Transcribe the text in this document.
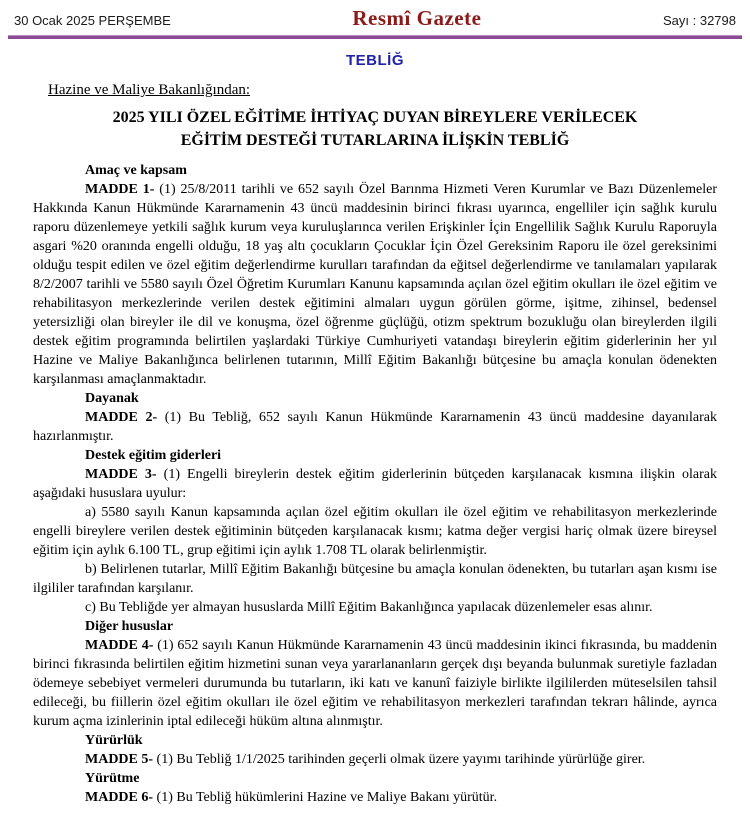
30 Ocak 2025 PERŞEMBE	Resmî Gazete	Sayı : 32798
TEBLİĞ
Hazine ve Maliye Bakanlığından:
2025 YILI ÖZEL EĞİTİME İHTİYAÇ DUYAN BİREYLERE VERİLECEK
EĞİTİM DESTEĞİ TUTARLARINA İLİŞKİN TEBLİĞ
Amaç ve kapsam

MADDE 1- (1) 25/8/2011 tarihli ve 652 sayılı Özel Barınma Hizmeti Veren Kurumlar ve Bazı Düzenlemeler Hakkında Kanun Hükmünde Kararnamenin 43 üncü maddesinin birinci fıkrası uyarınca, engelliler için sağlık kurulu raporu düzenlemeye yetkili sağlık kurum veya kuruluşlarınca verilen Erişkinler İçin Engellilik Sağlık Kurulu Raporuyla asgari %20 oranında engelli olduğu, 18 yaş altı çocukların Çocuklar İçin Özel Gereksinim Raporu ile özel gereksinimi olduğu tespit edilen ve özel eğitim değerlendirme kurulları tarafından da eğitsel değerlendirme ve tanılamaları yapılarak 8/2/2007 tarihli ve 5580 sayılı Özel Öğretim Kurumları Kanunu kapsamında açılan özel eğitim okulları ile özel eğitim ve rehabilitasyon merkezlerinde verilen destek eğitimini almaları uygun görülen görme, işitme, zihinsel, bedensel yetersizliği olan bireyler ile dil ve konuşma, özel öğrenme güçlüğü, otizm spektrum bozukluğu olan bireylerden ilgili destek eğitim programında belirtilen yaşlardaki Türkiye Cumhuriyeti vatandaşı bireylerin eğitim giderlerinin her yıl Hazine ve Maliye Bakanlığınca belirlenen tutarının, Millî Eğitim Bakanlığı bütçesine bu amaçla konulan ödenekten karşılanması amaçlanmaktadır.

Dayanak

MADDE 2- (1) Bu Tebliğ, 652 sayılı Kanun Hükmünde Kararnamenin 43 üncü maddesine dayanılarak hazırlanmıştır.

Destek eğitim giderleri

MADDE 3- (1) Engelli bireylerin destek eğitim giderlerinin bütçeden karşılanacak kısmına ilişkin olarak aşağıdaki hususlara uyulur:

a) 5580 sayılı Kanun kapsamında açılan özel eğitim okulları ile özel eğitim ve rehabilitasyon merkezlerinde engelli bireylere verilen destek eğitiminin bütçeden karşılanacak kısmı; katma değer vergisi hariç olmak üzere bireysel eğitim için aylık 6.100 TL, grup eğitimi için aylık 1.708 TL olarak belirlenmiştir.

b) Belirlenen tutarlar, Millî Eğitim Bakanlığı bütçesine bu amaçla konulan ödenekten, bu tutarları aşan kısmı ise ilgililer tarafından karşılanır.

c) Bu Tebliğde yer almayan hususlarda Millî Eğitim Bakanlığınca yapılacak düzenlemeler esas alınır.

Diğer hususlar

MADDE 4- (1) 652 sayılı Kanun Hükmünde Kararnamenin 43 üncü maddesinin ikinci fıkrasında, bu maddenin birinci fıkrasında belirtilen eğitim hizmetini sunan veya yararlananların gerçek dışı beyanda bulunmak suretiyle fazladan ödemeye sebebiyet vermeleri durumunda bu tutarların, iki katı ve kanunî faiziyle birlikte ilgililerden müteselsilen tahsil edileceği, bu fiillerin özel eğitim okulları ile özel eğitim ve rehabilitasyon merkezleri tarafından tekrarı hâlinde, ayrıca kurum açma izinlerinin iptal edileceği hüküm altına alınmıştır.

Yürürlük

MADDE 5- (1) Bu Tebliğ 1/1/2025 tarihinden geçerli olmak üzere yayımı tarihinde yürürlüğe girer.

Yürütme

MADDE 6- (1) Bu Tebliğ hükümlerini Hazine ve Maliye Bakanı yürütür.
